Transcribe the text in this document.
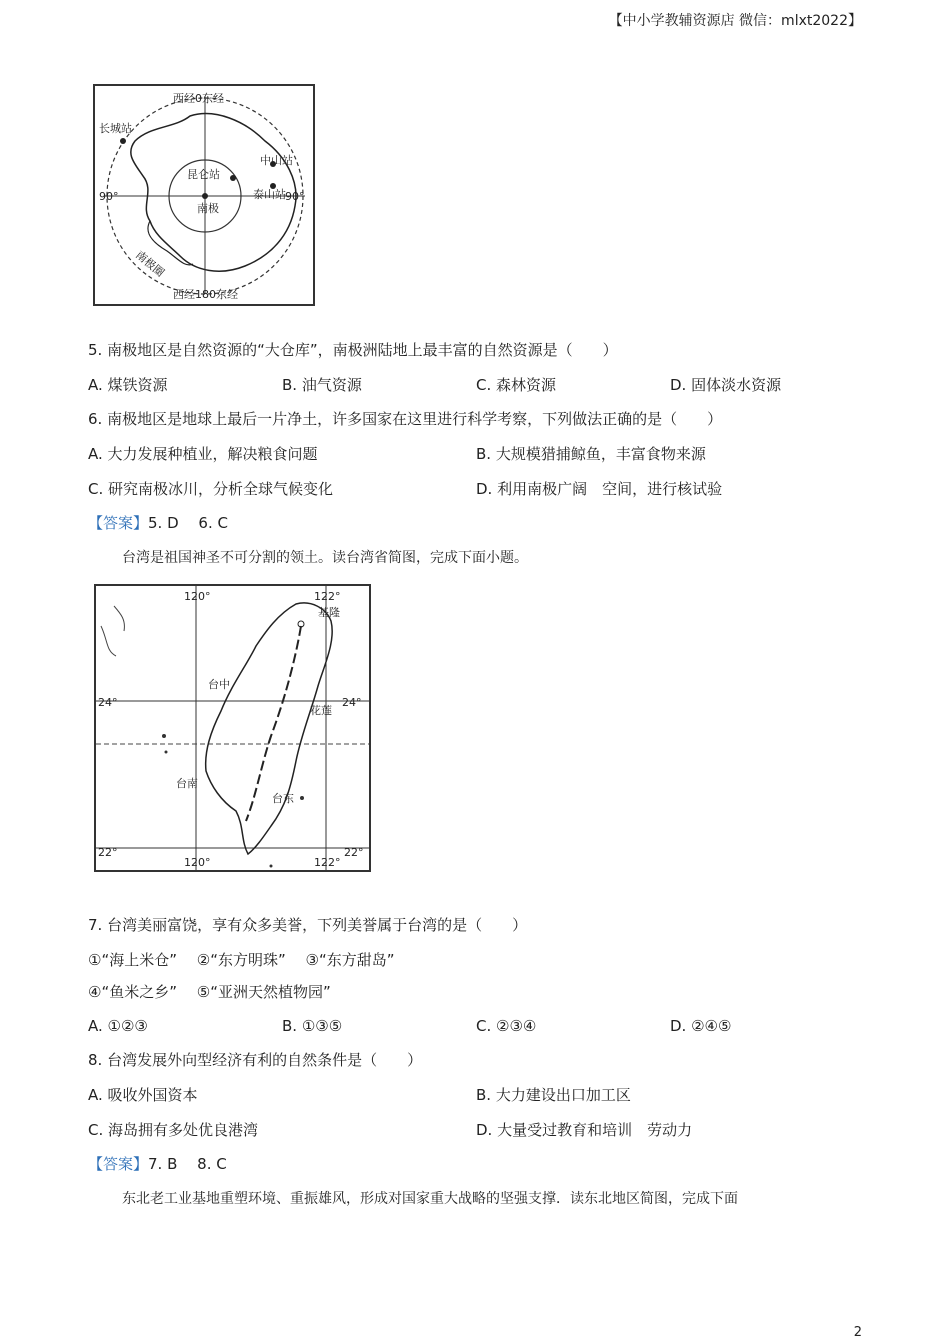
【中小学教辅资源店 微信：mlxt2022】
西经0东经
西经180东经
90°	90°
长城站
中山站
昆仑站
泰山站
南极
南极圈
5. 南极地区是自然资源的“大仓库”，南极洲陆地上最丰富的自然资源是（　　）
A. 煤铁资源	B. 油气资源	C. 森林资源	D. 固体淡水资源
6. 南极地区是地球上最后一片净土，许多国家在这里进行科学考察，下列做法正确的是（　　）
A. 大力发展种植业，解决粮食问题	B. 大规模猎捕鲸鱼，丰富食物来源
C. 研究南极冰川，分析全球气候变化	D. 利用南极广阔　空间，进行核试验
【答案】5. D　 6. C
台湾是祖国神圣不可分割的领土。读台湾省简图，完成下面小题。
120°	122°
24°	24°
22°	22°
120°	122°
基隆
台中
花莲
台南
台东
7. 台湾美丽富饶，享有众多美誉，下列美誉属于台湾的是（　　）
①“海上米仓”　 ②“东方明珠”　 ③“东方甜岛”
④“鱼米之乡”　 ⑤“亚洲天然植物园”
A. ①②③	B. ①③⑤	C. ②③④	D. ②④⑤
8. 台湾发展外向型经济有利的自然条件是（　　）
A. 吸收外国资本	B. 大力建设出口加工区
C. 海岛拥有多处优良港湾	D. 大量受过教育和培训　劳动力
【答案】7. B　 8. C
东北老工业基地重塑环境、重振雄风，形成对国家重大战略的坚强支撑．读东北地区简图，完成下面
2
